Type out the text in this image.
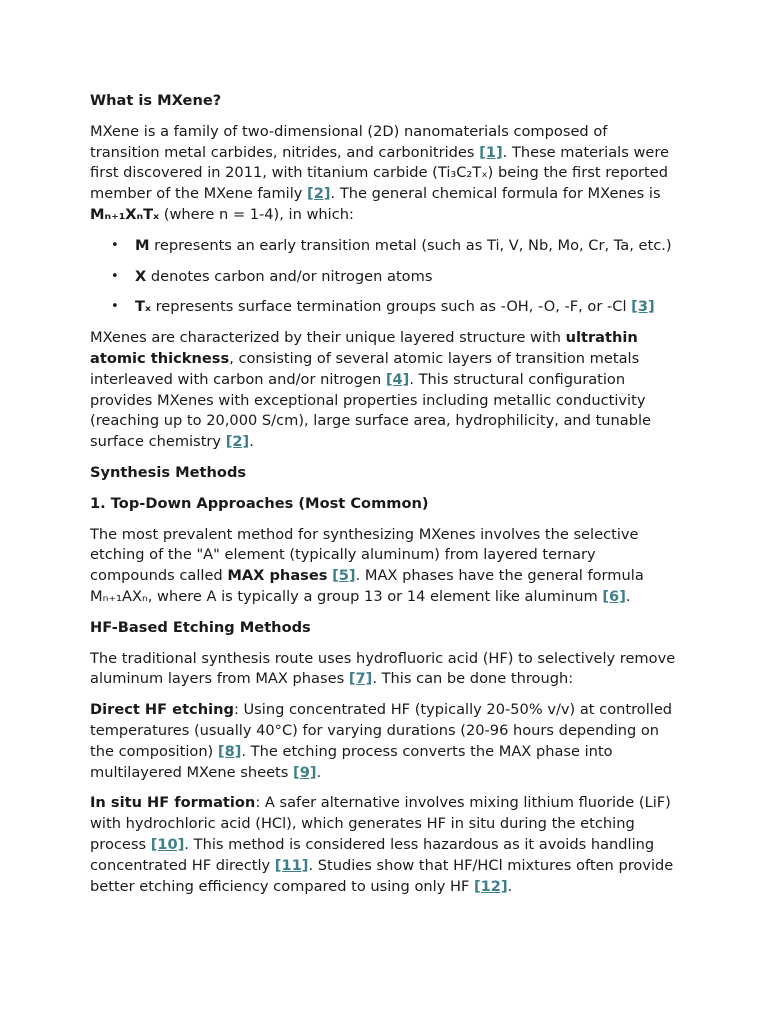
What is MXene?
MXene is a family of two-dimensional (2D) nanomaterials composed of transition metal carbides, nitrides, and carbonitrides [1]. These materials were first discovered in 2011, with titanium carbide (Ti₃C₂Tₓ) being the first reported member of the MXene family [2]. The general chemical formula for MXenes is Mₙ₊₁XₙTₓ (where n = 1-4), in which:
• M represents an early transition metal (such as Ti, V, Nb, Mo, Cr, Ta, etc.)
• X denotes carbon and/or nitrogen atoms
• Tₓ represents surface termination groups such as -OH, -O, -F, or -Cl [3]
MXenes are characterized by their unique layered structure with ultrathin atomic thickness, consisting of several atomic layers of transition metals interleaved with carbon and/or nitrogen [4]. This structural configuration provides MXenes with exceptional properties including metallic conductivity (reaching up to 20,000 S/cm), large surface area, hydrophilicity, and tunable surface chemistry [2].
Synthesis Methods
1. Top-Down Approaches (Most Common)
The most prevalent method for synthesizing MXenes involves the selective etching of the "A" element (typically aluminum) from layered ternary compounds called MAX phases [5]. MAX phases have the general formula Mₙ₊₁AXₙ, where A is typically a group 13 or 14 element like aluminum [6].
HF-Based Etching Methods
The traditional synthesis route uses hydrofluoric acid (HF) to selectively remove aluminum layers from MAX phases [7]. This can be done through:
Direct HF etching: Using concentrated HF (typically 20-50% v/v) at controlled temperatures (usually 40°C) for varying durations (20-96 hours depending on the composition) [8]. The etching process converts the MAX phase into multilayered MXene sheets [9].
In situ HF formation: A safer alternative involves mixing lithium fluoride (LiF) with hydrochloric acid (HCl), which generates HF in situ during the etching process [10]. This method is considered less hazardous as it avoids handling concentrated HF directly [11]. Studies show that HF/HCl mixtures often provide better etching efficiency compared to using only HF [12].
